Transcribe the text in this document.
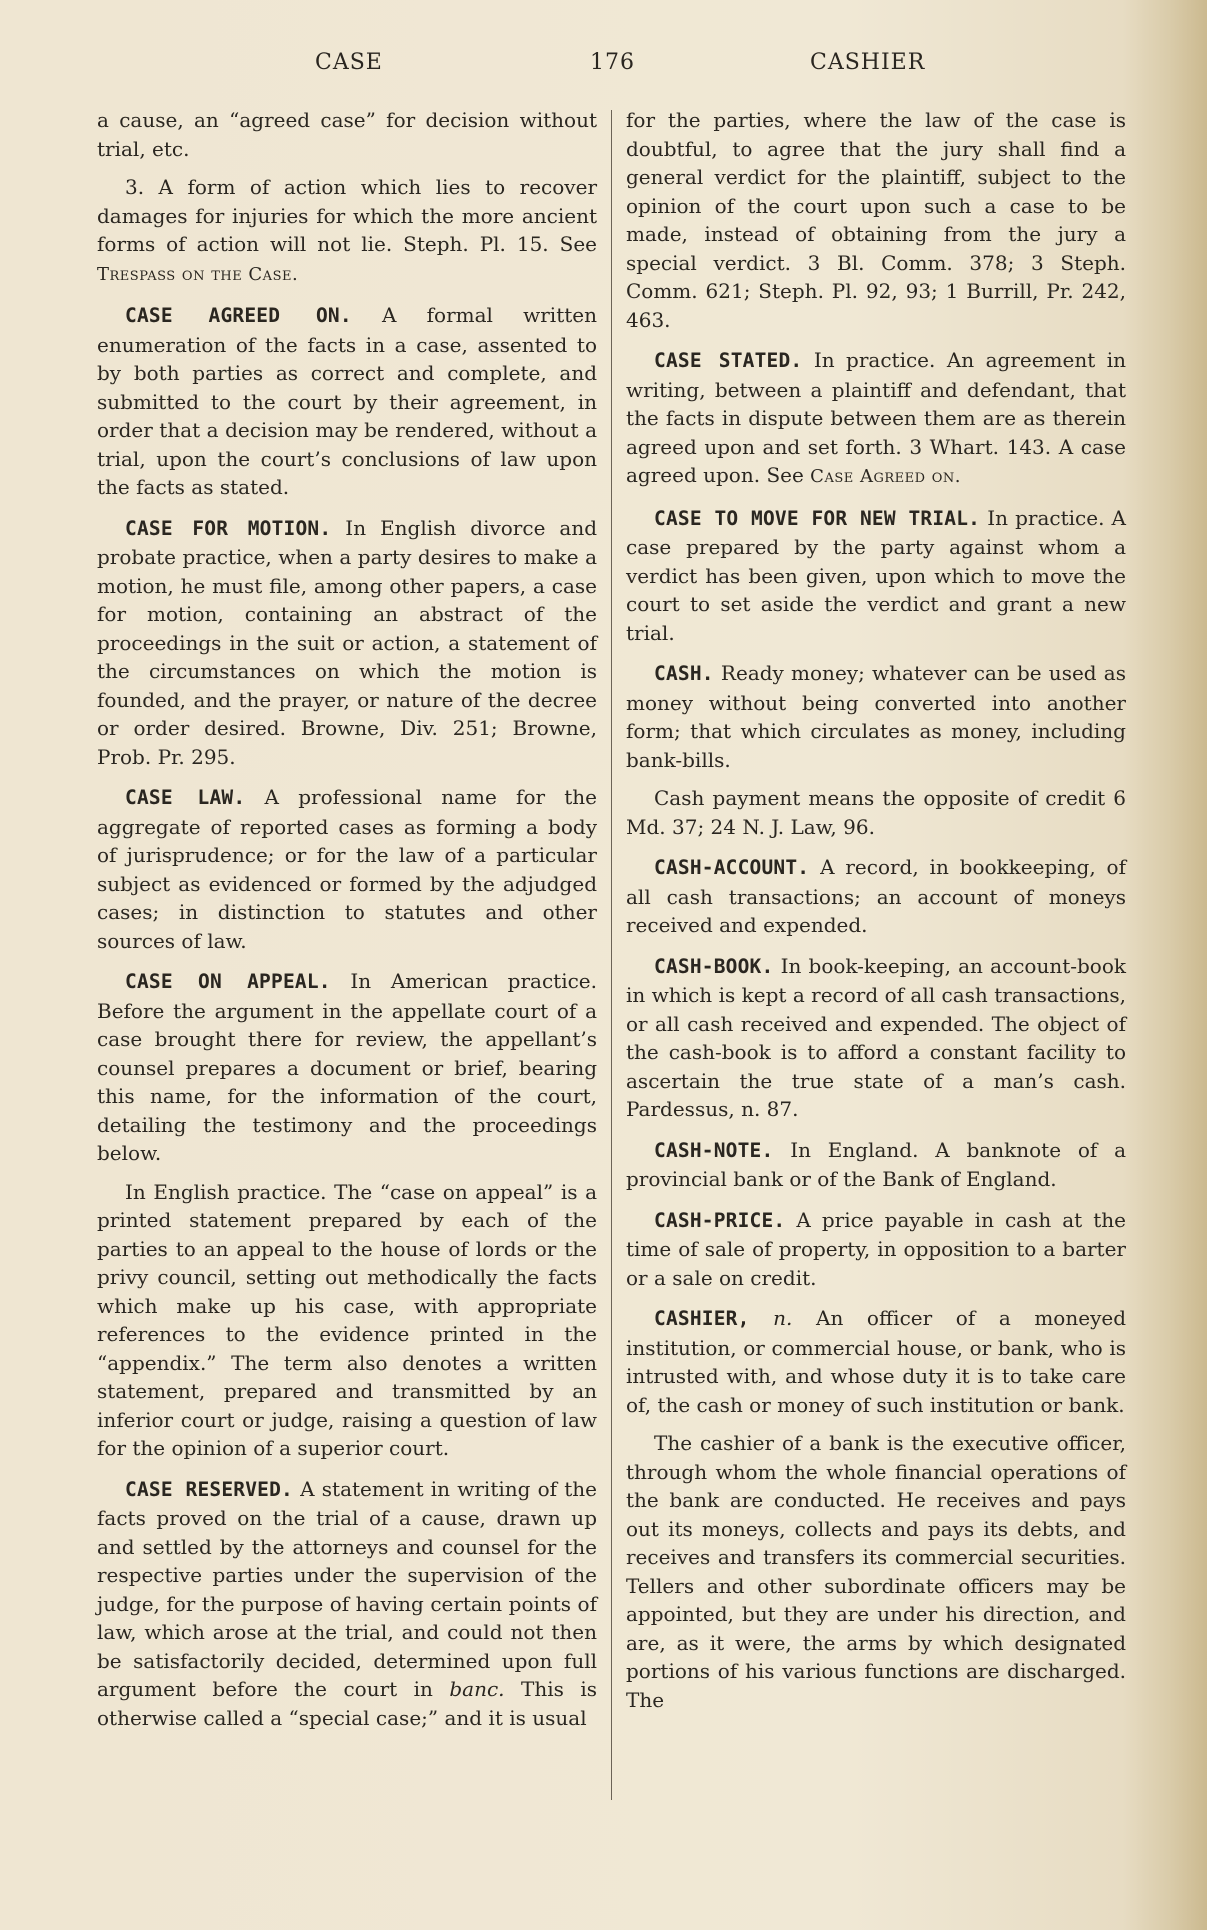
CASE	176	CASHIER

a cause, an “agreed case” for decision without trial, etc.

3. A form of action which lies to recover damages for injuries for which the more ancient forms of action will not lie. Steph. Pl. 15. See Trespass on the Case.

CASE AGREED ON. A formal written enumeration of the facts in a case, assented to by both parties as correct and complete, and submitted to the court by their agreement, in order that a decision may be rendered, without a trial, upon the court’s conclusions of law upon the facts as stated.

CASE FOR MOTION. In English divorce and probate practice, when a party desires to make a motion, he must file, among other papers, a case for motion, containing an abstract of the proceedings in the suit or action, a statement of the circumstances on which the motion is founded, and the prayer, or nature of the decree or order desired. Browne, Div. 251; Browne, Prob. Pr. 295.

CASE LAW. A professional name for the aggregate of reported cases as forming a body of jurisprudence; or for the law of a particular subject as evidenced or formed by the adjudged cases; in distinction to statutes and other sources of law.

CASE ON APPEAL. In American practice. Before the argument in the appellate court of a case brought there for review, the appellant’s counsel prepares a document or brief, bearing this name, for the information of the court, detailing the testimony and the proceedings below.

In English practice. The “case on appeal” is a printed statement prepared by each of the parties to an appeal to the house of lords or the privy council, setting out methodically the facts which make up his case, with appropriate references to the evidence printed in the “appendix.” The term also denotes a written statement, prepared and transmitted by an inferior court or judge, raising a question of law for the opinion of a superior court.

CASE RESERVED. A statement in writing of the facts proved on the trial of a cause, drawn up and settled by the attorneys and counsel for the respective parties under the supervision of the judge, for the purpose of having certain points of law, which arose at the trial, and could not then be satisfactorily decided, determined upon full argument before the court in banc. This is otherwise called a “special case;” and it is usual

for the parties, where the law of the case is doubtful, to agree that the jury shall find a general verdict for the plaintiff, subject to the opinion of the court upon such a case to be made, instead of obtaining from the jury a special verdict. 3 Bl. Comm. 378; 3 Steph. Comm. 621; Steph. Pl. 92, 93; 1 Burrill, Pr. 242, 463.

CASE STATED. In practice. An agreement in writing, between a plaintiff and defendant, that the facts in dispute between them are as therein agreed upon and set forth. 3 Whart. 143. A case agreed upon. See Case Agreed on.

CASE TO MOVE FOR NEW TRIAL. In practice. A case prepared by the party against whom a verdict has been given, upon which to move the court to set aside the verdict and grant a new trial.

CASH. Ready money; whatever can be used as money without being converted into another form; that which circulates as money, including bank-bills.

Cash payment means the opposite of credit 6 Md. 37; 24 N. J. Law, 96.

CASH-ACCOUNT. A record, in bookkeeping, of all cash transactions; an account of moneys received and expended.

CASH-BOOK. In book-keeping, an account-book in which is kept a record of all cash transactions, or all cash received and expended. The object of the cash-book is to afford a constant facility to ascertain the true state of a man’s cash. Pardessus, n. 87.

CASH-NOTE. In England. A banknote of a provincial bank or of the Bank of England.

CASH-PRICE. A price payable in cash at the time of sale of property, in opposition to a barter or a sale on credit.

CASHIER, n. An officer of a moneyed institution, or commercial house, or bank, who is intrusted with, and whose duty it is to take care of, the cash or money of such institution or bank.

The cashier of a bank is the executive officer, through whom the whole financial operations of the bank are conducted. He receives and pays out its moneys, collects and pays its debts, and receives and transfers its commercial securities. Tellers and other subordinate officers may be appointed, but they are under his direction, and are, as it were, the arms by which designated portions of his various functions are discharged. The
